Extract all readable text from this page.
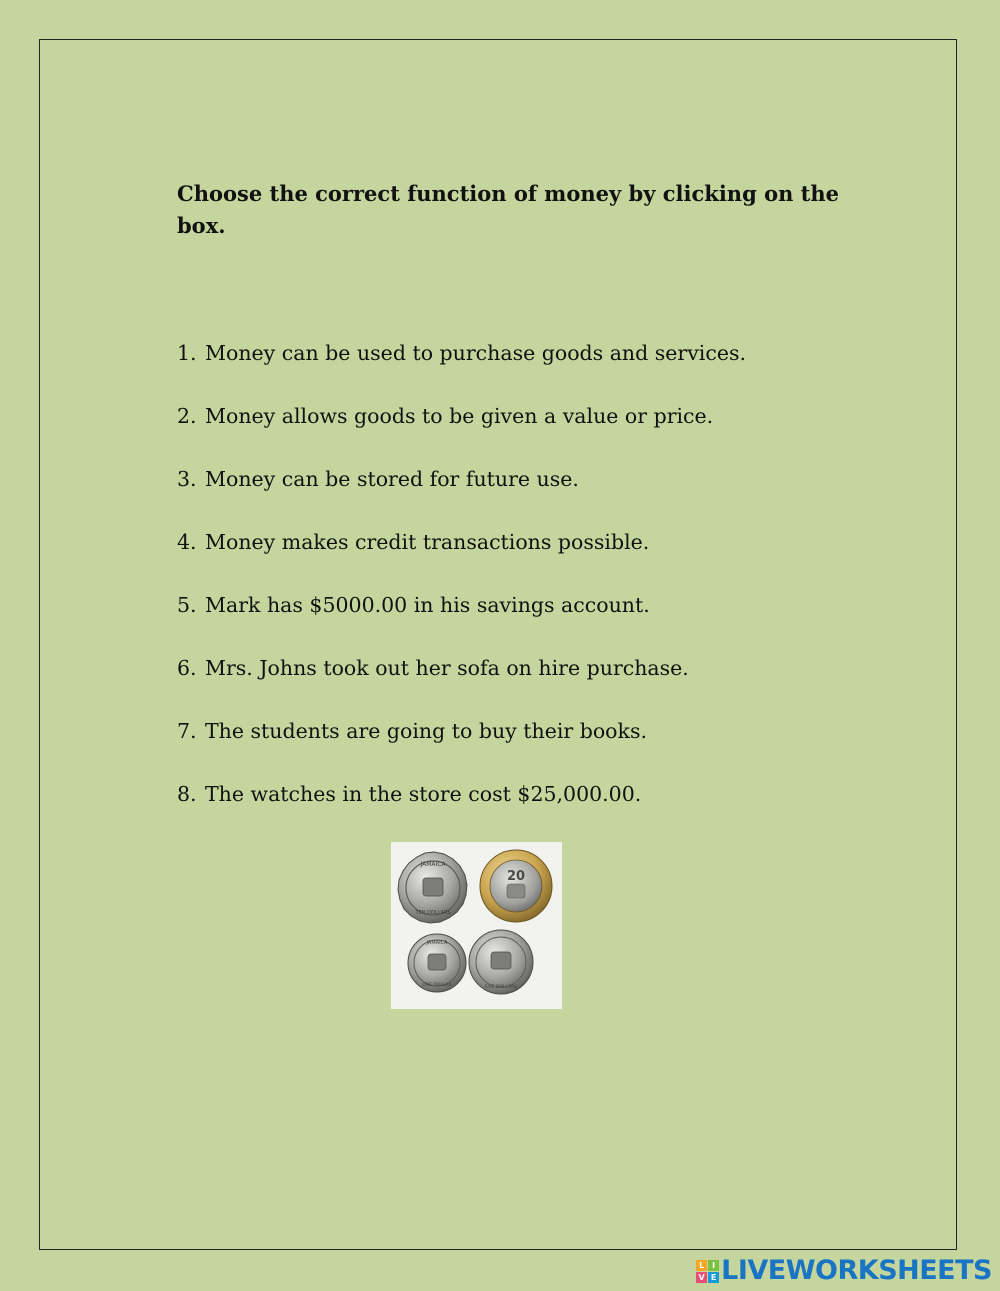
Choose the correct function of money by clicking on the box.

1. Money can be used to purchase goods and services.
2. Money allows goods to be given a value or price.
3. Money can be stored for future use.
4. Money makes credit transactions possible.
5. Mark has $5000.00 in his savings account.
6. Mrs. Johns took out her sofa on hire purchase.
7. The students are going to buy their books.
8. The watches in the store cost $25,000.00.
JAMAICA
TEN DOLLARS
20
JAMAICA
ONE DOLLAR	FIVE DOLLARS
L I
V E LIVEWORKSHEETS
